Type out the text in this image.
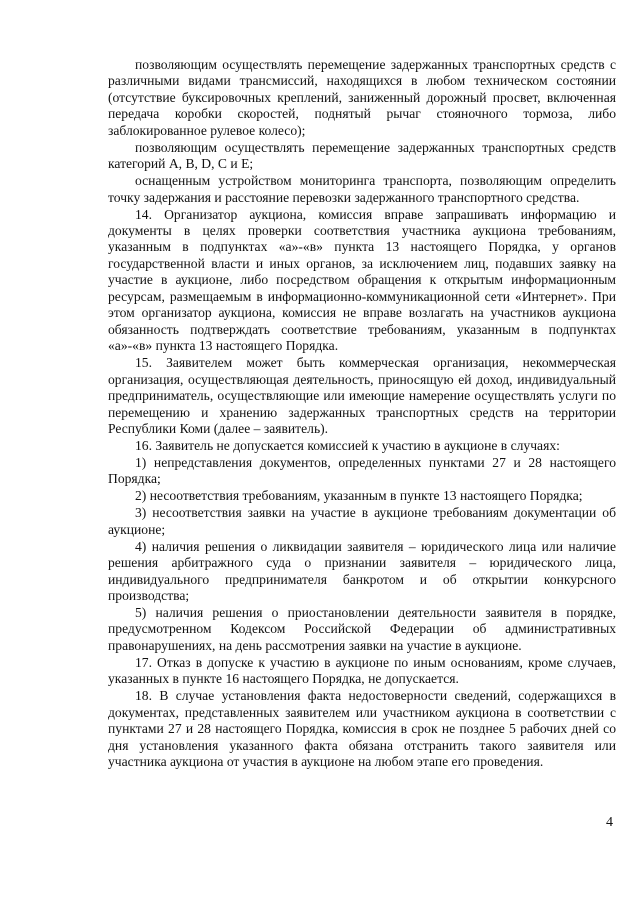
позволяющим осуществлять перемещение задержанных транспортных средств с различными видами трансмиссий, находящихся в любом техническом состоянии (отсутствие буксировочных креплений, заниженный дорожный просвет, включенная передача коробки скоростей, поднятый рычаг стояночного тормоза, либо заблокированное рулевое колесо);

позволяющим осуществлять перемещение задержанных транспортных средств категорий A, B, D, C и E;

оснащенным устройством мониторинга транспорта, позволяющим определить точку задержания и расстояние перевозки задержанного транспортного средства.

14. Организатор аукциона, комиссия вправе запрашивать информацию и документы в целях проверки соответствия участника аукциона требованиям, указанным в подпунктах «а»-«в» пункта 13 настоящего Порядка, у органов государственной власти и иных органов, за исключением лиц, подавших заявку на участие в аукционе, либо посредством обращения к открытым информационным ресурсам, размещаемым в информационно-коммуникационной сети «Интернет». При этом организатор аукциона, комиссия не вправе возлагать на участников аукциона обязанность подтверждать соответствие требованиям, указанным в подпунктах «а»-«в» пункта 13 настоящего Порядка.

15. Заявителем может быть коммерческая организация, некоммерческая организация, осуществляющая деятельность, приносящую ей доход, индивидуальный предприниматель, осуществляющие или имеющие намерение осуществлять услуги по перемещению и хранению задержанных транспортных средств на территории Республики Коми (далее – заявитель).

16. Заявитель не допускается комиссией к участию в аукционе в случаях:

1) непредставления документов, определенных пунктами 27 и 28 настоящего Порядка;

2) несоответствия требованиям, указанным в пункте 13 настоящего Порядка;

3) несоответствия заявки на участие в аукционе требованиям документации об аукционе;

4) наличия решения о ликвидации заявителя – юридического лица или наличие решения арбитражного суда о признании заявителя – юридического лица, индивидуального предпринимателя банкротом и об открытии конкурсного производства;

5) наличия решения о приостановлении деятельности заявителя в порядке, предусмотренном Кодексом Российской Федерации об административных правонарушениях, на день рассмотрения заявки на участие в аукционе.

17. Отказ в допуске к участию в аукционе по иным основаниям, кроме случаев, указанных в пункте 16 настоящего Порядка, не допускается.

18. В случае установления факта недостоверности сведений, содержащихся в документах, представленных заявителем или участником аукциона в соответствии с пунктами 27 и 28 настоящего Порядка, комиссия в срок не позднее 5 рабочих дней со дня установления указанного факта обязана отстранить такого заявителя или участника аукциона от участия в аукционе на любом этапе его проведения.

4
